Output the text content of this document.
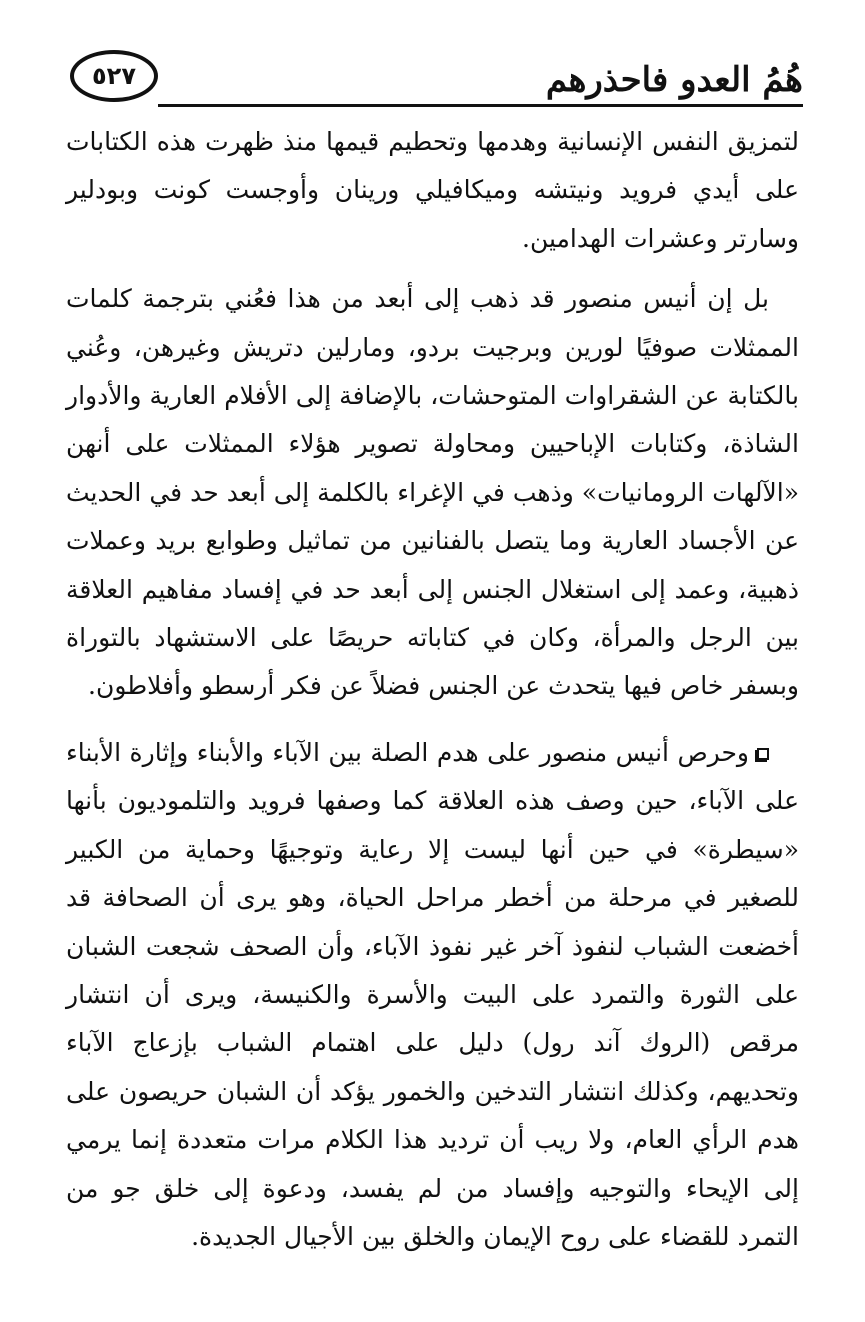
هُمُ العدو فاحذرهم
٥٢٧

لتمزيق النفس الإنسانية وهدمها وتحطيم قيمها منذ ظهرت هذه الكتابات على أيدي فرويد ونيتشه وميكافيلي ورينان وأوجست كونت وبودلير وسارتر وعشرات الهدامين.

بل إن أنيس منصور قد ذهب إلى أبعد من هذا فعُني بترجمة كلمات الممثلات صوفيًا لورين وبرجيت بردو، ومارلين دتريش وغيرهن، وعُني بالكتابة عن الشقراوات المتوحشات، بالإضافة إلى الأفلام العارية والأدوار الشاذة، وكتابات الإباحيين ومحاولة تصوير هؤلاء الممثلات على أنهن «الآلهات الرومانيات» وذهب في الإغراء بالكلمة إلى أبعد حد في الحديث عن الأجساد العارية وما يتصل بالفنانين من تماثيل وطوابع بريد وعملات ذهبية، وعمد إلى استغلال الجنس إلى أبعد حد في إفساد مفاهيم العلاقة بين الرجل والمرأة، وكان في كتاباته حريصًا على الاستشهاد بالتوراة وبسفر خاص فيها يتحدث عن الجنس فضلاً عن فكر أرسطو وأفلاطون.

وحرص أنيس منصور على هدم الصلة بين الآباء والأبناء وإثارة الأبناء على الآباء، حين وصف هذه العلاقة كما وصفها فرويد والتلموديون بأنها «سيطرة» في حين أنها ليست إلا رعاية وتوجيهًا وحماية من الكبير للصغير في مرحلة من أخطر مراحل الحياة، وهو يرى أن الصحافة قد أخضعت الشباب لنفوذ آخر غير نفوذ الآباء، وأن الصحف شجعت الشبان على الثورة والتمرد على البيت والأسرة والكنيسة، ويرى أن انتشار مرقص (الروك آند رول) دليل على اهتمام الشباب بإزعاج الآباء وتحديهم، وكذلك انتشار التدخين والخمور يؤكد أن الشبان حريصون على هدم الرأي العام، ولا ريب أن ترديد هذا الكلام مرات متعددة إنما يرمي إلى الإيحاء والتوجيه وإفساد من لم يفسد، ودعوة إلى خلق جو من التمرد للقضاء على روح الإيمان والخلق بين الأجيال الجديدة.
